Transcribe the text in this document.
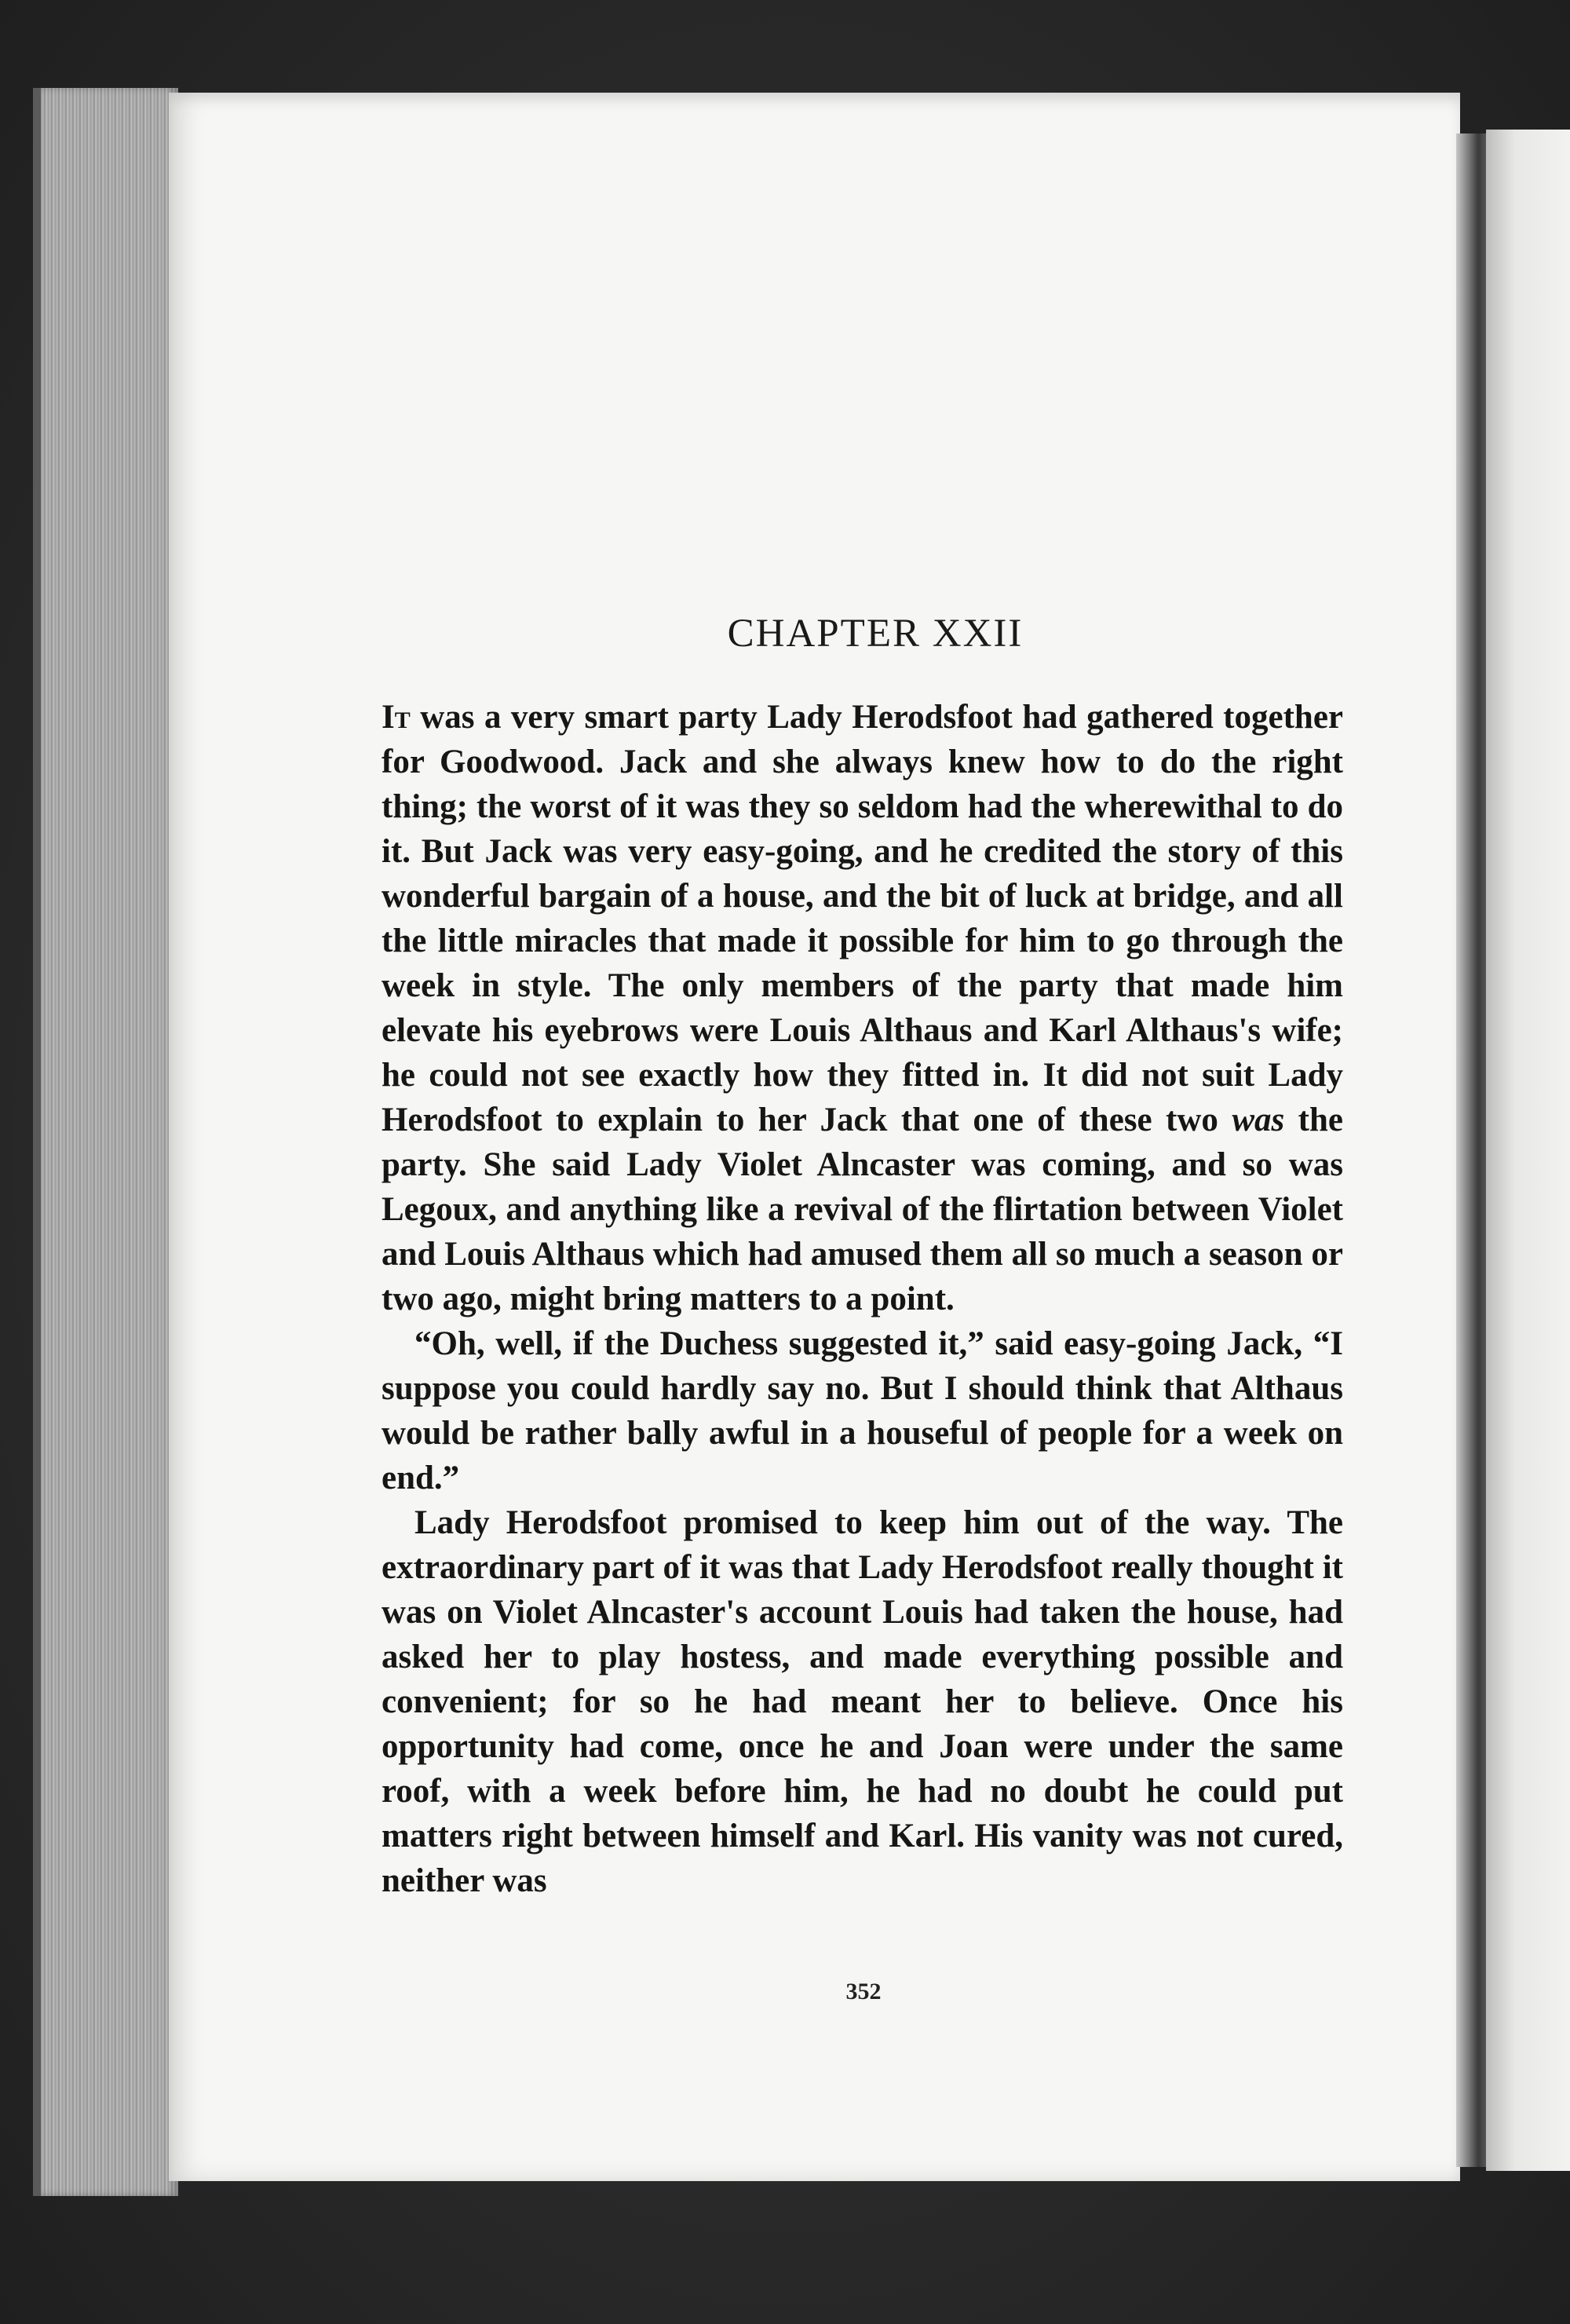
CHAPTER XXII

It was a very smart party Lady Herodsfoot had gathered together for Goodwood. Jack and she always knew how to do the right thing; the worst of it was they so seldom had the wherewithal to do it. But Jack was very easy-going, and he credited the story of this wonderful bargain of a house, and the bit of luck at bridge, and all the little miracles that made it possible for him to go through the week in style. The only members of the party that made him elevate his eyebrows were Louis Althaus and Karl Althaus's wife; he could not see exactly how they fitted in. It did not suit Lady Herodsfoot to explain to her Jack that one of these two was the party. She said Lady Violet Alncaster was coming, and so was Legoux, and anything like a revival of the flirtation between Violet and Louis Althaus which had amused them all so much a season or two ago, might bring matters to a point.

“Oh, well, if the Duchess suggested it,” said easy-going Jack, “I suppose you could hardly say no. But I should think that Althaus would be rather bally awful in a houseful of people for a week on end.”

Lady Herodsfoot promised to keep him out of the way. The extraordinary part of it was that Lady Herodsfoot really thought it was on Violet Alncaster's account Louis had taken the house, had asked her to play hostess, and made everything possible and convenient; for so he had meant her to believe. Once his opportunity had come, once he and Joan were under the same roof, with a week before him, he had no doubt he could put matters right between himself and Karl. His vanity was not cured, neither was

352
